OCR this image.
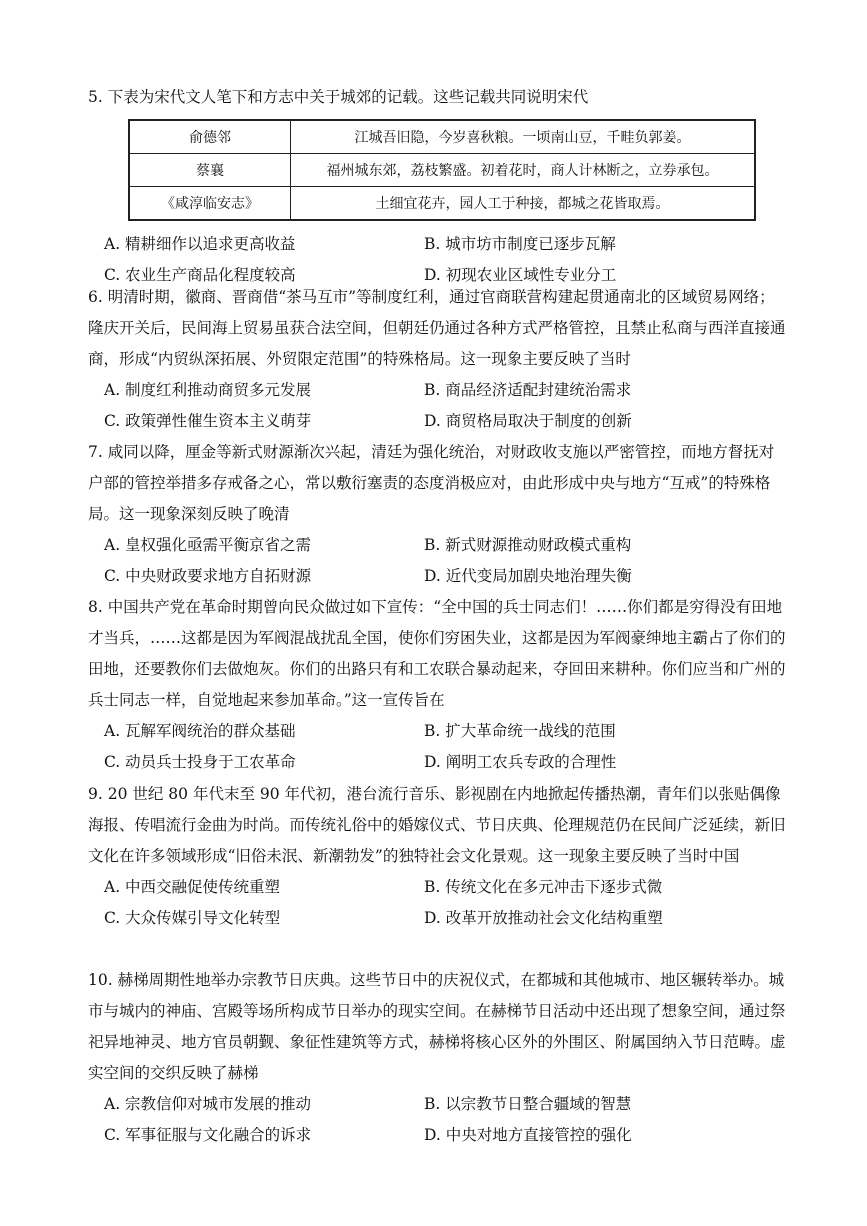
5. 下表为宋代文人笔下和方志中关于城郊的记载。这些记载共同说明宋代

俞德邻	江城吾旧隐，今岁喜秋粮。一顷南山豆，千畦负郭姜。
蔡襄	福州城东郊，荔枝繁盛。初着花时，商人计林断之，立券承包。
《咸淳临安志》	土细宜花卉，园人工于种接，都城之花皆取焉。
A. 精耕细作以追求更高收益	B. 城市坊市制度已逐步瓦解
C. 农业生产商品化程度较高	D. 初现农业区域性专业分工

6. 明清时期，徽商、晋商借“茶马互市”等制度红利，通过官商联营构建起贯通南北的区域贸易网络；隆庆开关后，民间海上贸易虽获合法空间，但朝廷仍通过各种方式严格管控，且禁止私商与西洋直接通商，形成“内贸纵深拓展、外贸限定范围”的特殊格局。这一现象主要反映了当时

A. 制度红利推动商贸多元发展	B. 商品经济适配封建统治需求
C. 政策弹性催生资本主义萌芽	D. 商贸格局取决于制度的创新

7. 咸同以降，厘金等新式财源渐次兴起，清廷为强化统治，对财政收支施以严密管控，而地方督抚对户部的管控举措多存戒备之心，常以敷衍塞责的态度消极应对，由此形成中央与地方“互戒”的特殊格局。这一现象深刻反映了晚清

A. 皇权强化亟需平衡京省之需	B. 新式财源推动财政模式重构
C. 中央财政要求地方自拓财源	D. 近代变局加剧央地治理失衡

8. 中国共产党在革命时期曾向民众做过如下宣传：“全中国的兵士同志们！……你们都是穷得没有田地才当兵，……这都是因为军阀混战扰乱全国，使你们穷困失业，这都是因为军阀豪绅地主霸占了你们的田地，还要教你们去做炮灰。你们的出路只有和工农联合暴动起来，夺回田来耕种。你们应当和广州的兵士同志一样，自觉地起来参加革命。”这一宣传旨在

A. 瓦解军阀统治的群众基础	B. 扩大革命统一战线的范围
C. 动员兵士投身于工农革命	D. 阐明工农兵专政的合理性

9. 20 世纪 80 年代末至 90 年代初，港台流行音乐、影视剧在内地掀起传播热潮，青年们以张贴偶像海报、传唱流行金曲为时尚。而传统礼俗中的婚嫁仪式、节日庆典、伦理规范仍在民间广泛延续，新旧文化在许多领域形成“旧俗未泯、新潮勃发”的独特社会文化景观。这一现象主要反映了当时中国

A. 中西交融促使传统重塑	B. 传统文化在多元冲击下逐步式微
C. 大众传媒引导文化转型	D. 改革开放推动社会文化结构重塑

10. 赫梯周期性地举办宗教节日庆典。这些节日中的庆祝仪式，在都城和其他城市、地区辗转举办。城市与城内的神庙、宫殿等场所构成节日举办的现实空间。在赫梯节日活动中还出现了想象空间，通过祭祀异地神灵、地方官员朝觐、象征性建筑等方式，赫梯将核心区外的外围区、附属国纳入节日范畴。虚实空间的交织反映了赫梯

A. 宗教信仰对城市发展的推动	B. 以宗教节日整合疆域的智慧
C. 军事征服与文化融合的诉求	D. 中央对地方直接管控的强化
